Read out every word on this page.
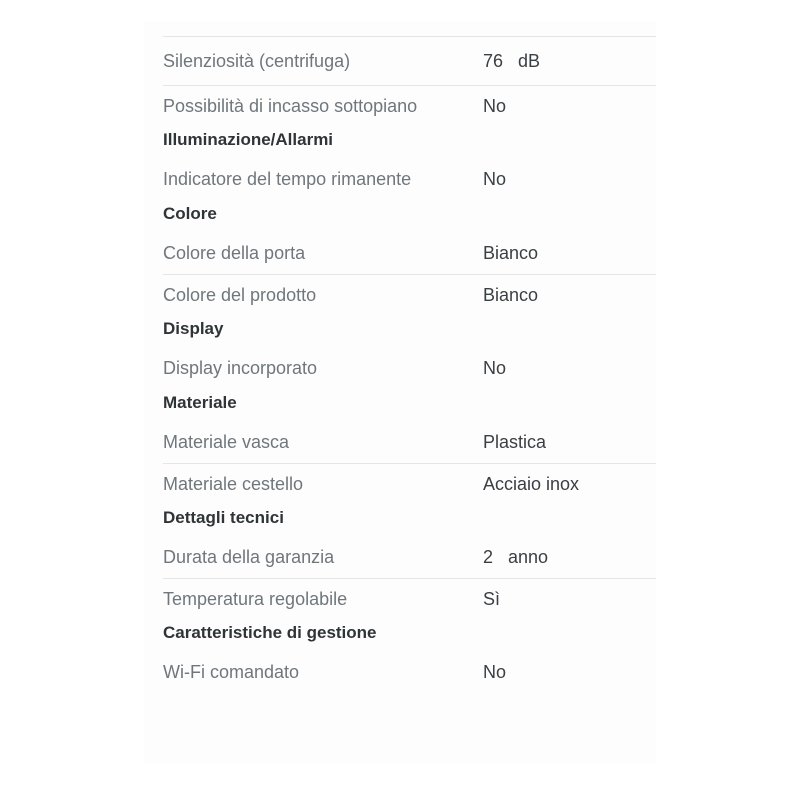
Silenziosità (centrifuga)	76   dB
Possibilità di incasso sottopiano	No
Illuminazione/Allarmi
Indicatore del tempo rimanente	No
Colore
Colore della porta	Bianco
Colore del prodotto	Bianco
Display
Display incorporato	No
Materiale
Materiale vasca	Plastica
Materiale cestello	Acciaio inox
Dettagli tecnici
Durata della garanzia	2   anno
Temperatura regolabile	Sì
Caratteristiche di gestione
Wi-Fi comandato	No
